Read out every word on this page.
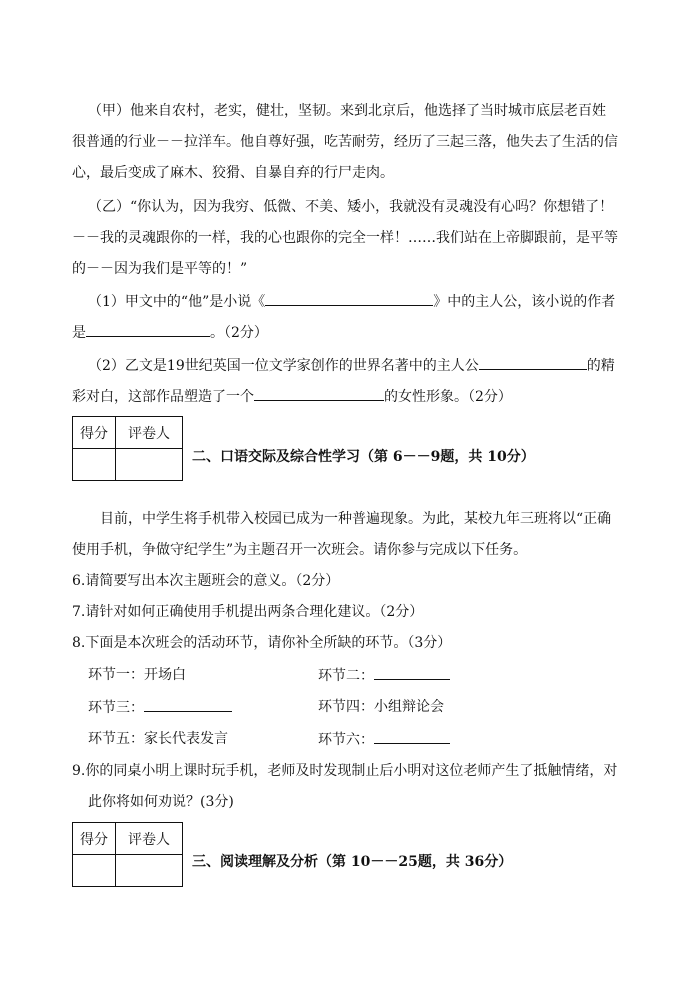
（甲）他来自农村，老实，健壮，坚韧。来到北京后，他选择了当时城市底层老百姓
很普通的行业－－拉洋车。他自尊好强，吃苦耐劳，经历了三起三落，他失去了生活的信
心，最后变成了麻木、狡猾、自暴自弃的行尸走肉。
（乙）“你认为，因为我穷、低微、不美、矮小，我就没有灵魂没有心吗？你想错了！
－－我的灵魂跟你的一样，我的心也跟你的完全一样！……我们站在上帝脚跟前，是平等
的－－因为我们是平等的！”
（1）甲文中的“他”是小说《	》中的主人公，该小说的作者
是	。（2分）
（2）乙文是19世纪英国一位文学家创作的世界名著中的主人公	的精
彩对白，这部作品塑造了一个	的女性形象。（2分）
得分	评卷人

二、口语交际及综合性学习（第 6－－9题，共 10分）
目前，中学生将手机带入校园已成为一种普遍现象。为此，某校九年三班将以“正确
使用手机，争做守纪学生”为主题召开一次班会。请你参与完成以下任务。
6.请简要写出本次主题班会的意义。（2分）
7.请针对如何正确使用手机提出两条合理化建议。（2分）
8.下面是本次班会的活动环节，请你补全所缺的环节。（3分）
环节一：开场白	环节二：
环节三：	环节四：小组辩论会
环节五：家长代表发言	环节六：
9.你的同桌小明上课时玩手机，老师及时发现制止后小明对这位老师产生了抵触情绪，对
此你将如何劝说？(3分)
得分	评卷人

三、阅读理解及分析（第 10－－25题，共 36分）
